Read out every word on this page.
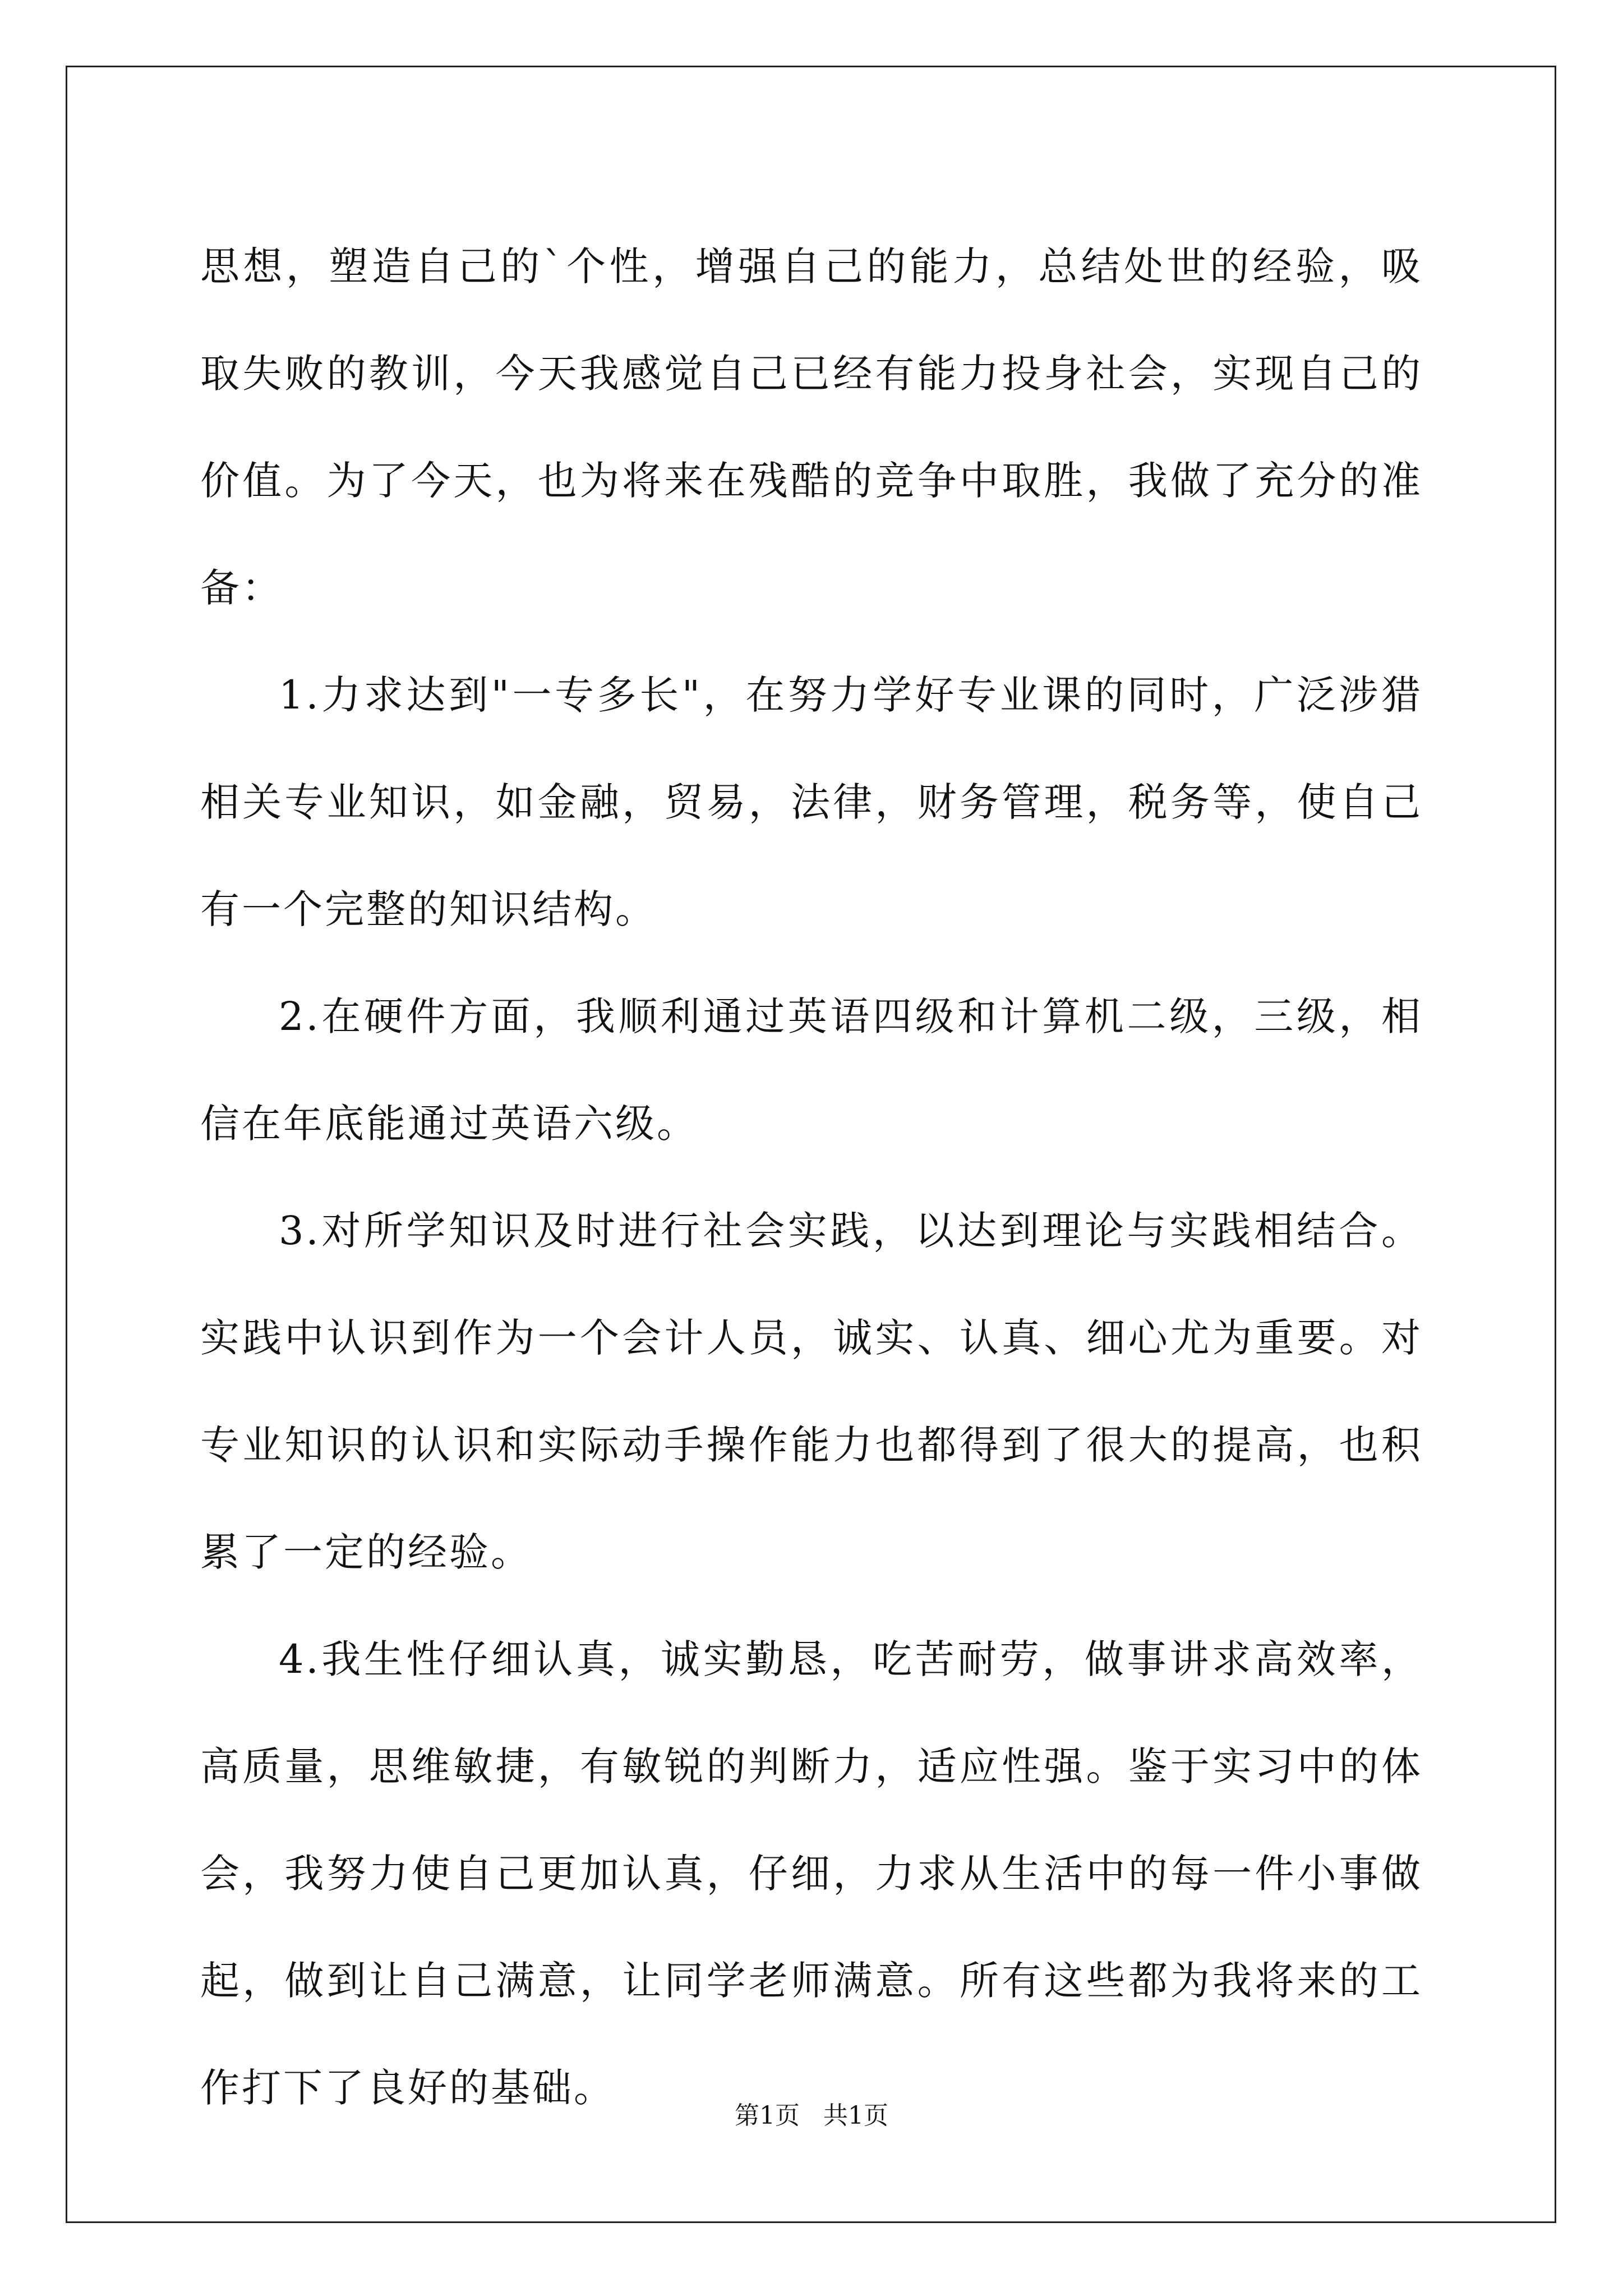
思想，塑造自己的`个性，增强自己的能力，总结处世的经验，吸取失败的教训，今天我感觉自己已经有能力投身社会，实现自己的价值。为了今天，也为将来在残酷的竞争中取胜，我做了充分的准备：

1.力求达到"一专多长"，在努力学好专业课的同时，广泛涉猎相关专业知识，如金融，贸易，法律，财务管理，税务等，使自己有一个完整的知识结构。

2.在硬件方面，我顺利通过英语四级和计算机二级，三级，相信在年底能通过英语六级。

3.对所学知识及时进行社会实践，以达到理论与实践相结合。实践中认识到作为一个会计人员，诚实、认真、细心尤为重要。对专业知识的认识和实际动手操作能力也都得到了很大的提高，也积累了一定的经验。

4.我生性仔细认真，诚实勤恳，吃苦耐劳，做事讲求高效率，高质量，思维敏捷，有敏锐的判断力，适应性强。鉴于实习中的体会，我努力使自己更加认真，仔细，力求从生活中的每一件小事做起，做到让自己满意，让同学老师满意。所有这些都为我将来的工作打下了良好的基础。

第1页   共1页
